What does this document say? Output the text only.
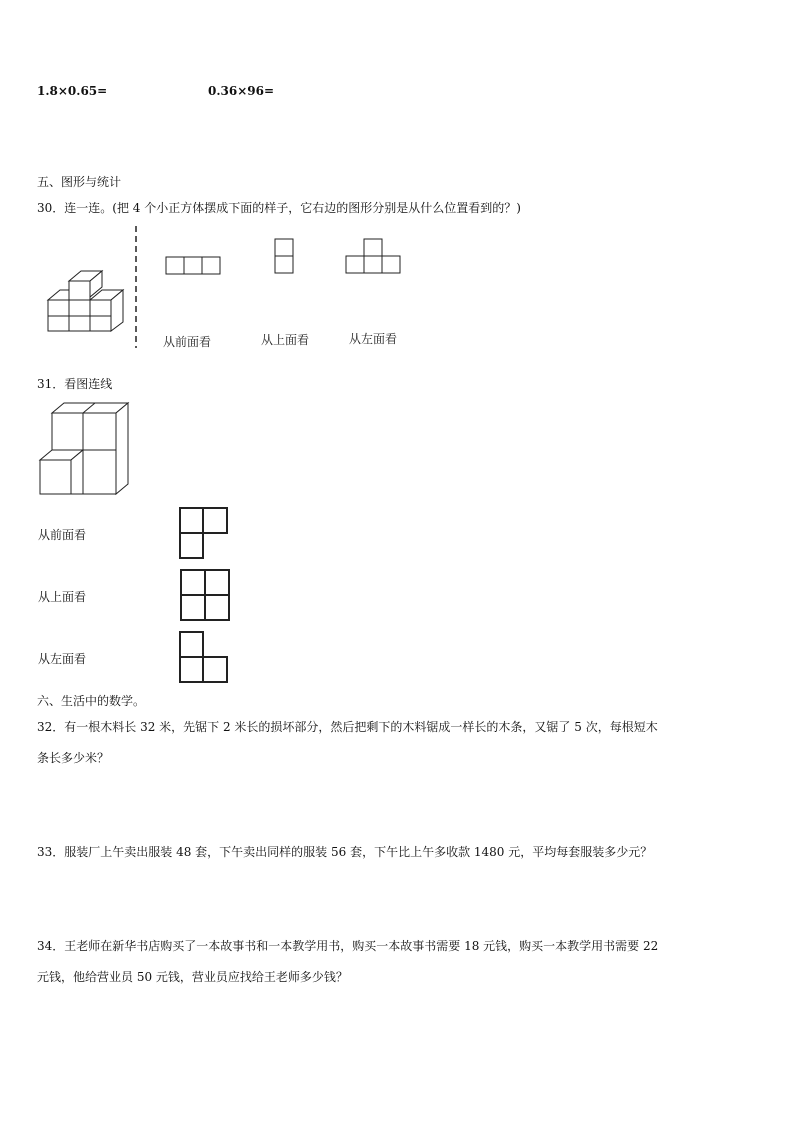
1.8×0.65=	0.36×96=
五、图形与统计
30．连一连。(把 4 个小正方体摆成下面的样子，它右边的图形分别是从什么位置看到的？)
从前面看	从上面看	从左面看
31．看图连线
从前面看
从上面看
从左面看
六、生活中的数学。
32．有一根木料长 32 米，先锯下 2 米长的损坏部分，然后把剩下的木料锯成一样长的木条，又锯了 5 次，每根短木
条长多少米？
33．服装厂上午卖出服装 48 套，下午卖出同样的服装 56 套，下午比上午多收款 1480 元，平均每套服装多少元？
34．王老师在新华书店购买了一本故事书和一本教学用书，购买一本故事书需要 18 元钱，购买一本教学用书需要 22
元钱，他给营业员 50 元钱，营业员应找给王老师多少钱？
